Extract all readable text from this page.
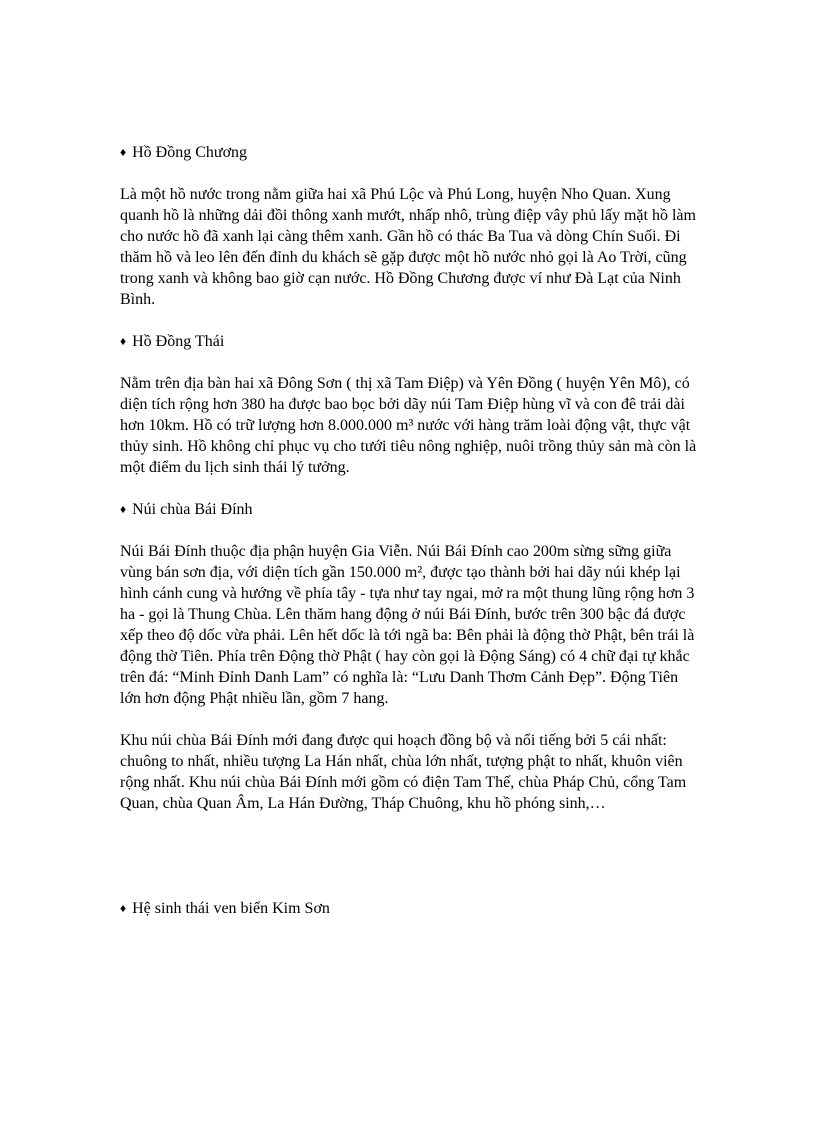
♦ Hồ Đồng Chương

Là một hồ nước trong nằm giữa hai xã Phú Lộc và Phú Long, huyện Nho Quan. Xung quanh hồ là những dải đồi thông xanh mướt, nhấp nhô, trùng điệp vây phủ lấy mặt hồ làm cho nước hồ đã xanh lại càng thêm xanh. Gần hồ có thác Ba Tua và dòng Chín Suối. Đi thăm hồ và leo lên đến đỉnh du khách sẽ gặp được một hồ nước nhỏ gọi là Ao Trời, cũng trong xanh và không bao giờ cạn nước. Hồ Đồng Chương được ví như Đà Lạt của Ninh Bình.

♦ Hồ Đồng Thái

Nằm trên địa bàn hai xã Đông Sơn ( thị xã Tam Điệp) và Yên Đồng ( huyện Yên Mô), có diện tích rộng hơn 380 ha được bao bọc bởi dãy núi Tam Điệp hùng vĩ và con đê trải dài hơn 10km. Hồ có trữ lượng hơn 8.000.000 m³ nước với hàng trăm loài động vật, thực vật thủy sinh. Hồ không chỉ phục vụ cho tưới tiêu nông nghiệp, nuôi trồng thủy sản mà còn là một điểm du lịch sinh thái lý tưởng.

♦ Núi chùa Bái Đính

Núi Bái Đính thuộc địa phận huyện Gia Viễn. Núi Bái Đính cao 200m sừng sững giữa vùng bán sơn địa, với diện tích gần 150.000 m², được tạo thành bởi hai dãy núi khép lại hình cánh cung và hướng về phía tây - tựa như tay ngai, mở ra một thung lũng rộng hơn 3 ha - gọi là Thung Chùa. Lên thăm hang động ở núi Bái Đính, bước trên 300 bậc đá được xếp theo độ dốc vừa phải. Lên hết dốc là tới ngã ba: Bên phải là động thờ Phật, bên trái là động thờ Tiên. Phía trên Động thờ Phật ( hay còn gọi là Động Sáng) có 4 chữ đại tự khắc trên đá: “Minh Đỉnh Danh Lam” có nghĩa là: “Lưu Danh Thơm Cảnh Đẹp”. Động Tiên lớn hơn động Phật nhiều lần, gồm 7 hang.

Khu núi chùa Bái Đính mới đang được qui hoạch đồng bộ và nổi tiếng bởi 5 cái nhất: chuông to nhất, nhiều tượng La Hán nhất, chùa lớn nhất, tượng phật to nhất, khuôn viên rộng nhất. Khu núi chùa Bái Đính mới gồm có điện Tam Thế, chùa Pháp Chủ, cổng Tam Quan, chùa Quan Âm, La Hán Đường, Tháp Chuông, khu hồ phóng sinh,…

♦ Hệ sinh thái ven biển Kim Sơn
